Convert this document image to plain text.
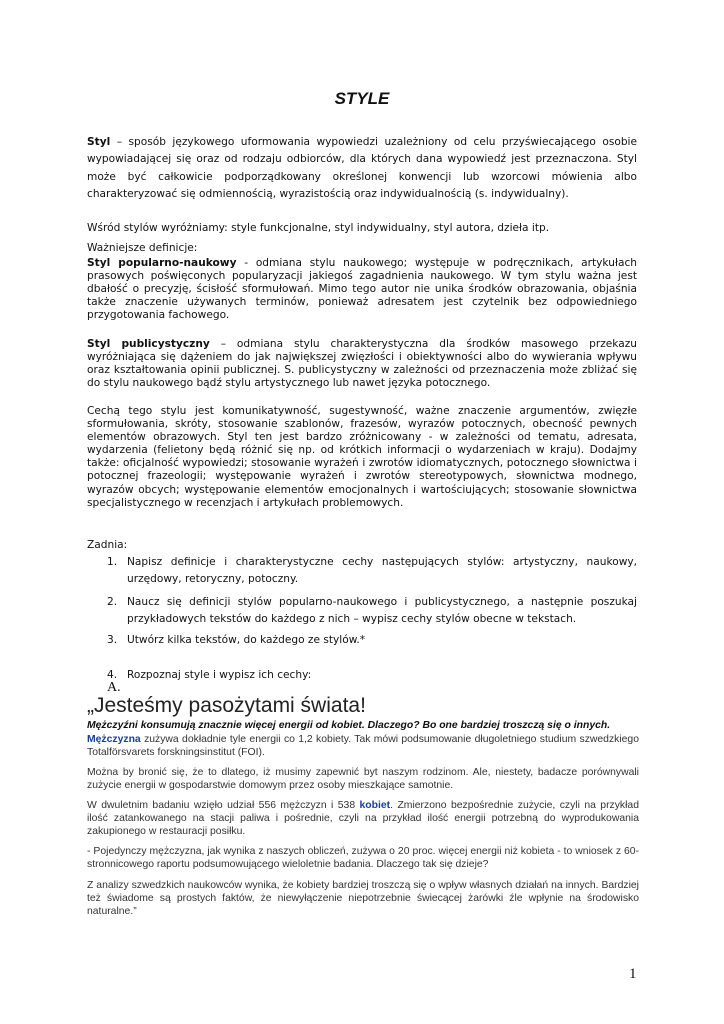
STYLE
Styl – sposób językowego uformowania wypowiedzi uzależniony od celu przyświecającego osobie wypowiadającej się oraz od rodzaju odbiorców, dla których dana wypowiedź jest przeznaczona. Styl może być całkowicie podporządkowany określonej konwencji lub wzorcowi mówienia albo charakteryzować się odmiennością, wyrazistością oraz indywidualnością (s. indywidualny).
Wśród stylów wyróżniamy: style funkcjonalne, styl indywidualny, styl autora, dzieła itp.
Ważniejsze definicje:
Styl popularno-naukowy - odmiana stylu naukowego; występuje w podręcznikach, artykułach prasowych poświęconych popularyzacji jakiegoś zagadnienia naukowego. W tym stylu ważna jest dbałość o precyzję, ścisłość sformułowań. Mimo tego autor nie unika środków obrazowania, objaśnia także znaczenie używanych terminów, ponieważ adresatem jest czytelnik bez odpowiedniego przygotowania fachowego.
Styl publicystyczny – odmiana stylu charakterystyczna dla środków masowego przekazu wyróżniająca się dążeniem do jak największej zwięzłości i obiektywności albo do wywierania wpływu oraz kształtowania opinii publicznej. S. publicystyczny w zależności od przeznaczenia może zbliżać się do stylu naukowego bądź stylu artystycznego lub nawet języka potocznego.
Cechą tego stylu jest komunikatywność, sugestywność, ważne znaczenie argumentów, zwięzłe sformułowania, skróty, stosowanie szablonów, frazesów, wyrazów potocznych, obecność pewnych elementów obrazowych. Styl ten jest bardzo zróżnicowany - w zależności od tematu, adresata, wydarzenia (felietony będą różnić się np. od krótkich informacji o wydarzeniach w kraju). Dodajmy także: oficjalność wypowiedzi; stosowanie wyrażeń i zwrotów idiomatycznych, potocznego słownictwa i potocznej frazeologii; występowanie wyrażeń i zwrotów stereotypowych, słownictwa modnego, wyrazów obcych; występowanie elementów emocjonalnych i wartościujących; stosowanie słownictwa specjalistycznego w recenzjach i artykułach problemowych.
Zadnia:
1. Napisz definicje i charakterystyczne cechy następujących stylów: artystyczny, naukowy, urzędowy, retoryczny, potoczny.
2. Naucz się definicji stylów popularno-naukowego i publicystycznego, a następnie poszukaj przykładowych tekstów do każdego z nich – wypisz cechy stylów obecne w tekstach.
3. Utwórz kilka tekstów, do każdego ze stylów.*
4. Rozpoznaj style i wypisz ich cechy:
A.
„Jesteśmy pasożytami świata!
Mężczyźni konsumują znacznie więcej energii od kobiet. Dlaczego? Bo one bardziej troszczą się o innych.
Mężczyzna zużywa dokładnie tyle energii co 1,2 kobiety. Tak mówi podsumowanie długoletniego studium szwedzkiego Totalförsvarets forskningsinstitut (FOI).
Można by bronić się, że to dlatego, iż musimy zapewnić byt naszym rodzinom. Ale, niestety, badacze porównywali zużycie energii w gospodarstwie domowym przez osoby mieszkające samotnie.
W dwuletnim badaniu wzięło udział 556 mężczyzn i 538 kobiet. Zmierzono bezpośrednie zużycie, czyli na przykład ilość zatankowanego na stacji paliwa i pośrednie, czyli na przykład ilość energii potrzebną do wyprodukowania zakupionego w restauracji posiłku.
- Pojedynczy mężczyzna, jak wynika z naszych obliczeń, zużywa o 20 proc. więcej energii niż kobieta - to wniosek z 60-stronnicowego raportu podsumowującego wieloletnie badania. Dlaczego tak się dzieje?
Z analizy szwedzkich naukowców wynika, że kobiety bardziej troszczą się o wpływ własnych działań na innych. Bardziej też świadome są prostych faktów, że niewyłączenie niepotrzebnie świecącej żarówki źle wpłynie na środowisko naturalne.”
1
